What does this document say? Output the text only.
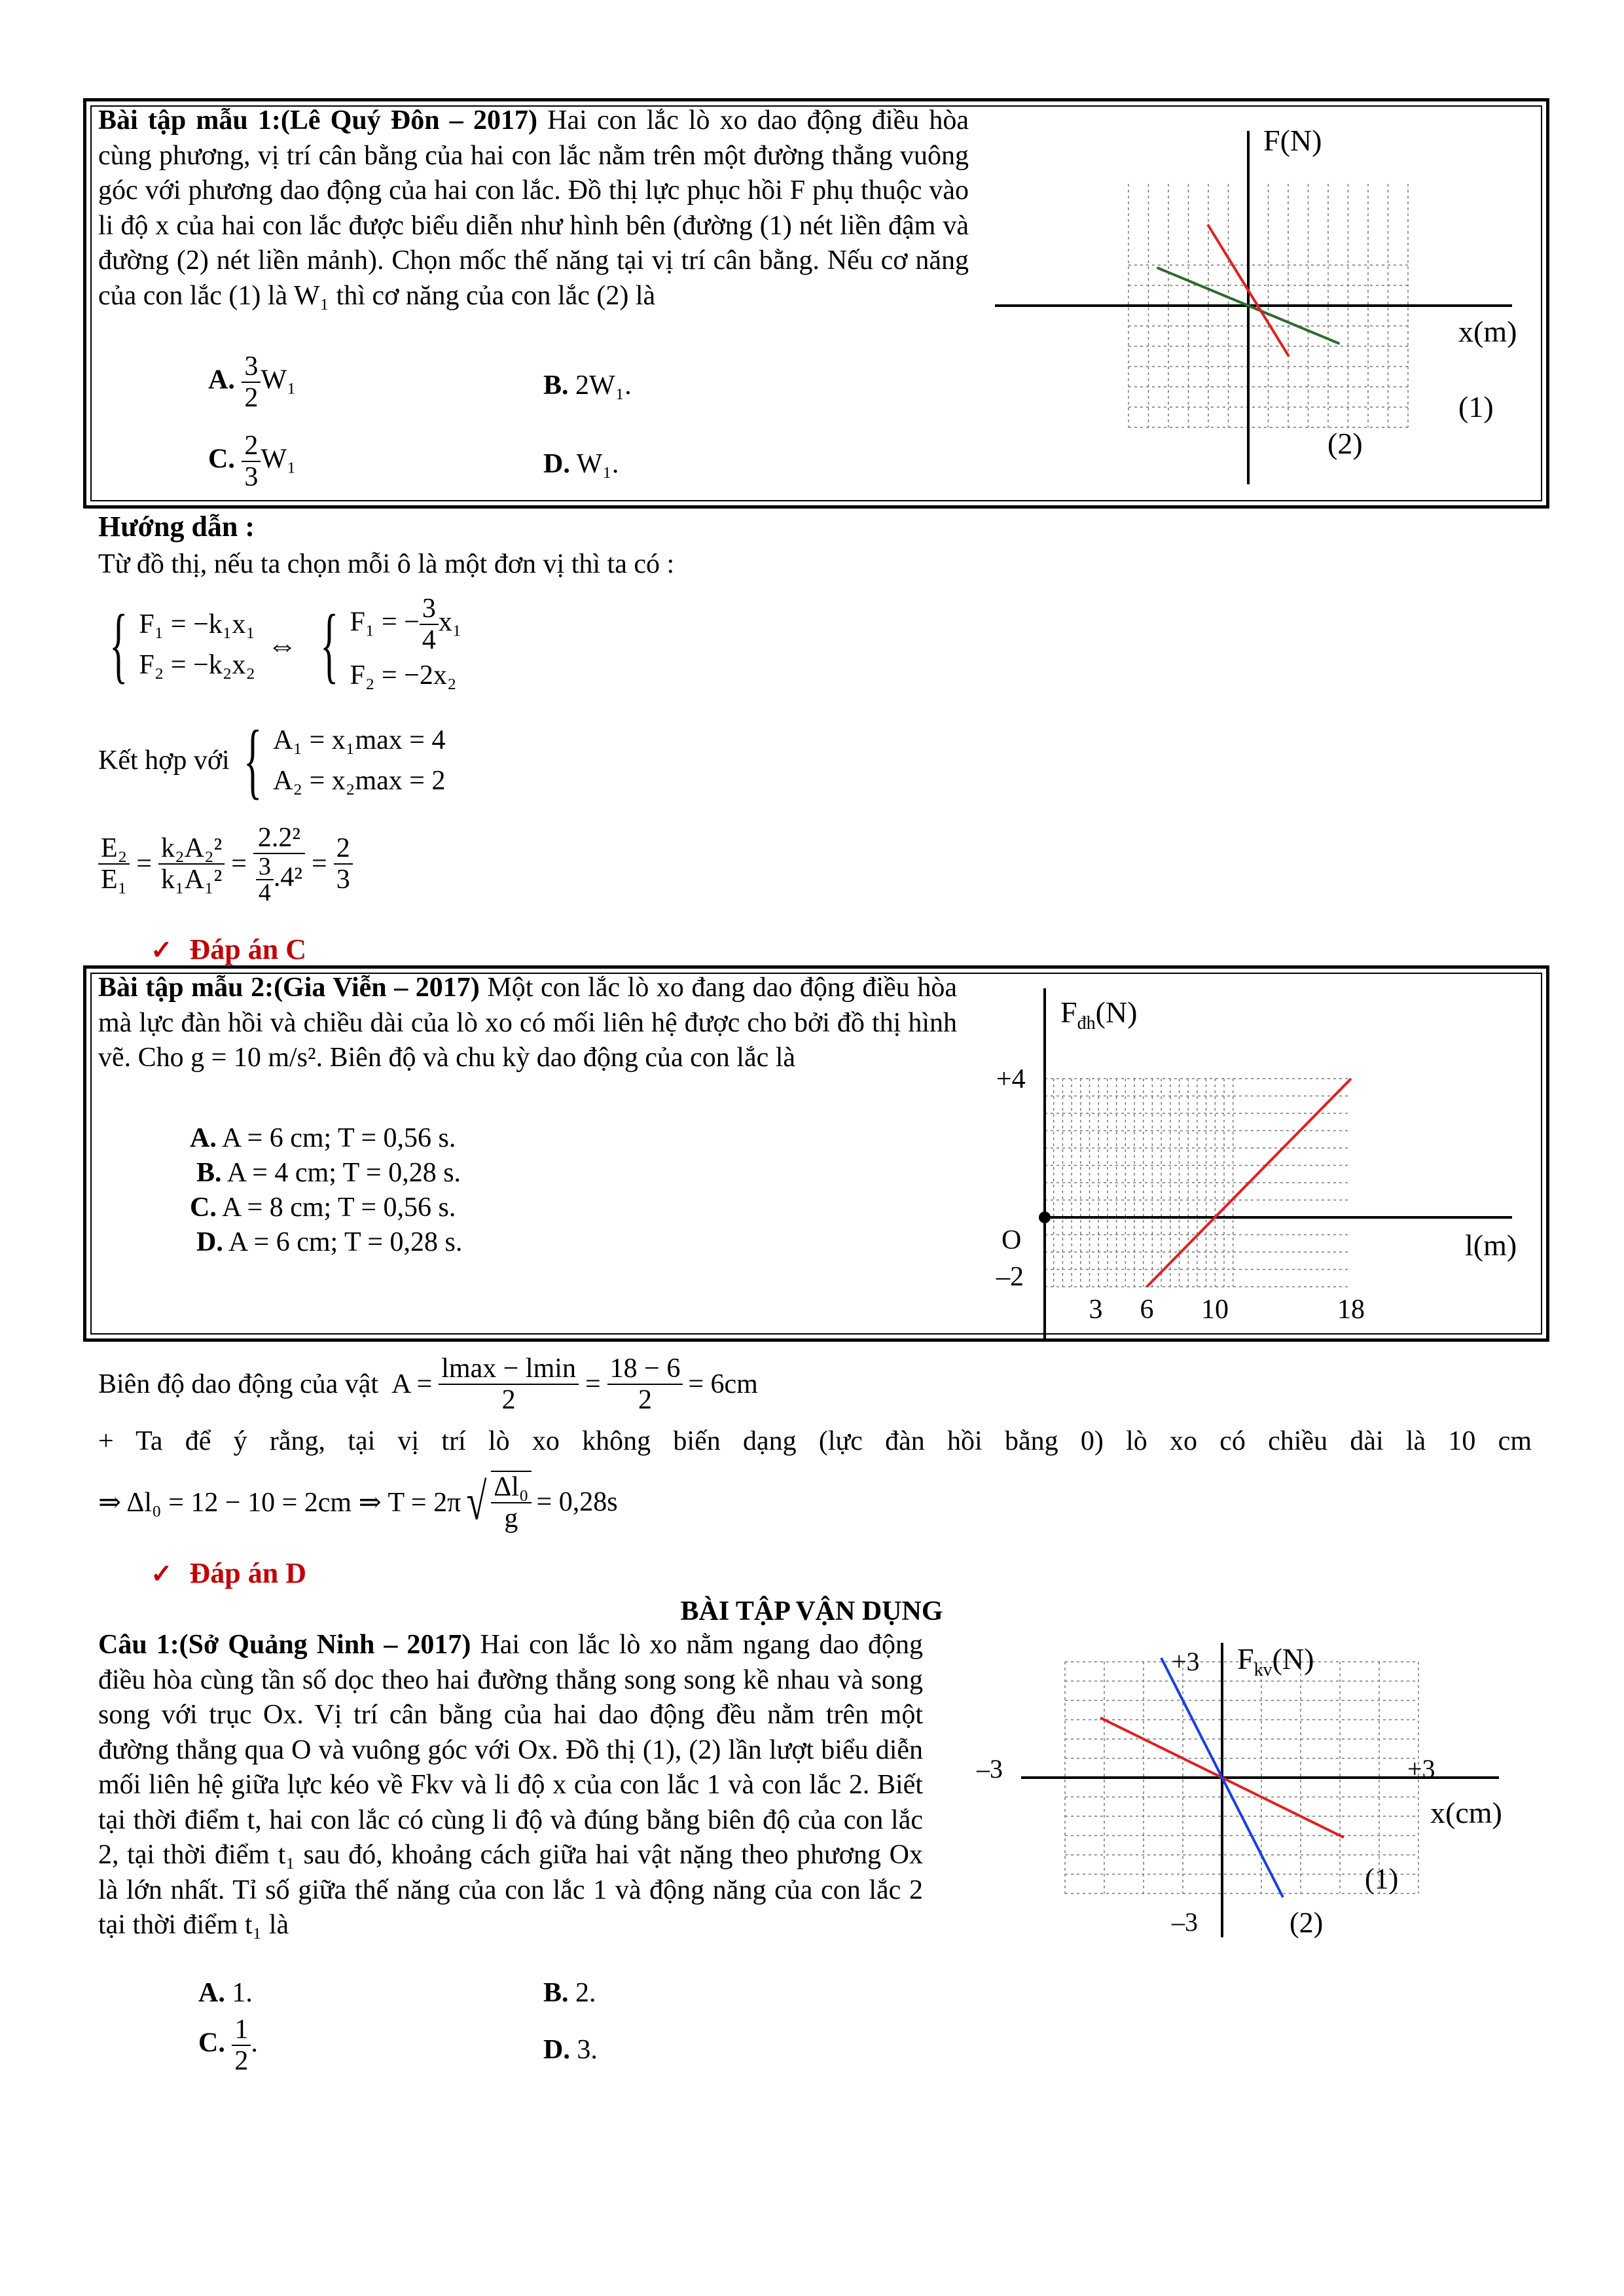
Bài tập mẫu 1:(Lê Quý Đôn – 2017) Hai con lắc lò xo dao động điều hòa cùng phương, vị trí cân bằng của hai con lắc nằm trên một đường thẳng vuông góc với phương dao động của hai con lắc. Đồ thị lực phục hồi F phụ thuộc vào li độ x của hai con lắc được biểu diễn như hình bên (đường (1) nét liền đậm và đường (2) nét liền mảnh). Chọn mốc thế năng tại vị trí cân bằng. Nếu cơ năng của con lắc (1) là W₁ thì cơ năng của con lắc (2) là
A. $\frac{3}{2} W_1$	B. 2W₁.
C. $\frac{2}{3} W_1$	D. W₁.
F(N)
x(m)
(1)
(2)
Hướng dẫn :
Từ đồ thị, nếu ta chọn mỗi ô là một đơn vị thì ta có :
{ F₁ = −k₁x₁
F₂ = −k₂x₂
⇔ { F₁ = − $\frac{3}{4} x_1$
F₂ = −2x₂
Kết hợp với { A₁ = x₁max = 4
A₂ = x₂max = 2
$\frac{\text{E₂}}{\text{E₁}} = \frac{\text{k₂A₂²}}{\text{k₁A₁²}} = \frac{\text{2.2²}}{\frac{3}{4} .4^2} = \frac{2}{3}$
✓ Đáp án C
Bài tập mẫu 2:(Gia Viễn – 2017) Một con lắc lò xo đang dao động điều hòa mà lực đàn hồi và chiều dài của lò xo có mối liên hệ được cho bởi đồ thị hình vẽ. Cho g = 10 m/s². Biên độ và chu kỳ dao động của con lắc là
A. A = 6 cm; T = 0,56 s.
B. A = 4 cm; T = 0,28 s.
C. A = 8 cm; T = 0,56 s.
D. A = 6 cm; T = 0,28 s.
$F_{đh}(N)$
l(m)
+4
O
–2
3 6 10	18
Biên độ dao động của vật $A = \frac{lmax - lmin}{2} = \frac{18 - 6}{2} = 6cm$
+ Ta để ý rằng, tại vị trí lò xo không biến dạng (lực đàn hồi bằng 0) lò xo có chiều dài là 10 cm
⇒ Δl₀ = 12 − 10 = 2cm ⇒ T = 2π √ $\frac{\text{Δl₀}}{g} = 0,28s$
✓ Đáp án D
BÀI TẬP VẬN DỤNG
Câu 1:(Sở Quảng Ninh – 2017) Hai con lắc lò xo nằm ngang dao động điều hòa cùng tần số dọc theo hai đường thẳng song song kề nhau và song song với trục Ox. Vị trí cân bằng của hai dao động đều nằm trên một đường thẳng qua O và vuông góc với Ox. Đồ thị (1), (2) lần lượt biểu diễn mối liên hệ giữa lực kéo về Fkv và li độ x của con lắc 1 và con lắc 2. Biết tại thời điểm t, hai con lắc có cùng li độ và đúng bằng biên độ của con lắc 2, tại thời điểm t₁ sau đó, khoảng cách giữa hai vật nặng theo phương Ox là lớn nhất. Tỉ số giữa thế năng của con lắc 1 và động năng của con lắc 2 tại thời điểm t₁ là
A. 1.	B. 2.
C. $\frac{1}{2}$ .	D. 3.
$F_{kv}(N)$
+3
–3
–3	+3
x(cm)
(1)
(2)
